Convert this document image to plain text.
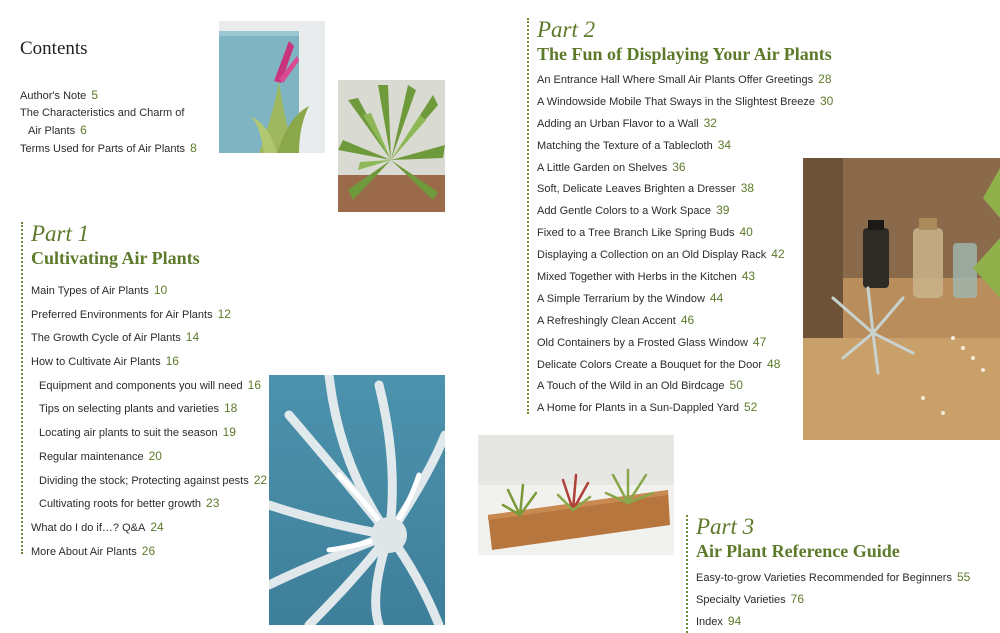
Contents
Author's Note 5
The Characteristics and Charm of
Air Plants 6
Terms Used for Parts of Air Plants 8
Part 1
Cultivating Air Plants
Main Types of Air Plants 10
Preferred Environments for Air Plants 12
The Growth Cycle of Air Plants 14
How to Cultivate Air Plants 16
Equipment and components you will need 16
Tips on selecting plants and varieties 18
Locating air plants to suit the season 19
Regular maintenance 20
Dividing the stock; Protecting against pests 22
Cultivating roots for better growth 23
What do I do if…? Q&A 24
More About Air Plants 26
Part 2
The Fun of Displaying Your Air Plants
An Entrance Hall Where Small Air Plants Offer Greetings 28
A Windowside Mobile That Sways in the Slightest Breeze 30
Adding an Urban Flavor to a Wall 32
Matching the Texture of a Tablecloth 34
A Little Garden on Shelves 36
Soft, Delicate Leaves Brighten a Dresser 38
Add Gentle Colors to a Work Space 39
Fixed to a Tree Branch Like Spring Buds 40
Displaying a Collection on an Old Display Rack 42
Mixed Together with Herbs in the Kitchen 43
A Simple Terrarium by the Window 44
A Refreshingly Clean Accent 46
Old Containers by a Frosted Glass Window 47
Delicate Colors Create a Bouquet for the Door 48
A Touch of the Wild in an Old Birdcage 50
A Home for Plants in a Sun-Dappled Yard 52
Part 3
Air Plant Reference Guide
Easy-to-grow Varieties Recommended for Beginners 55
Specialty Varieties 76
Index 94
